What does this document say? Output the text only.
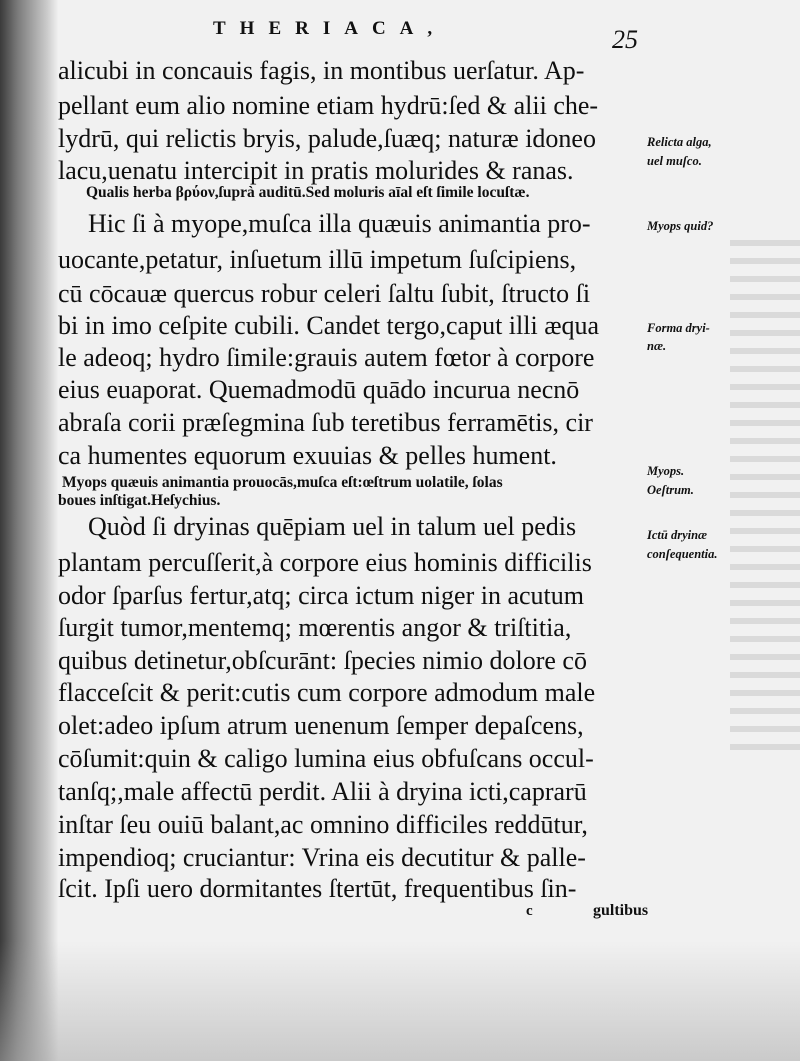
THERIACA,	25
alicubi in concauis fagis, in montibus uerſatur. Ap-
pellant eum alio nomine etiam hydrū:ſed & alii che-
lydrū, qui relictis bryis, palude,ſuæq; naturæ idoneo
lacu,uenatu intercipit in pratis molurides & ranas.
Qualis herba βρύον,ſuprà auditū.Sed moluris aīal eſt ſimile locuſtæ.
Hic ſi à myope,muſca illa quæuis animantia pro-
uocante,petatur, inſuetum illū impetum ſuſcipiens,
cū cōcauæ quercus robur celeri ſaltu ſubit, ſtructo ſi
bi in imo ceſpite cubili. Candet tergo,caput illi æqua
le adeoq; hydro ſimile:grauis autem fœtor à corpore
eius euaporat. Quemadmodū quādo incurua necnō
abraſa corii præſegmina ſub teretibus ferramētis, cir
ca humentes equorum exuuias & pelles hument.
Myops quæuis animantia prouocās,muſca eſt:œſtrum uolatile, ſolas
boues inſtigat.Heſychius.
Quòd ſi dryinas quēpiam uel in talum uel pedis
plantam percuſſerit,à corpore eius hominis difficilis
odor ſparſus fertur,atq; circa ictum niger in acutum
ſurgit tumor,mentemq; mœrentis angor & triſtitia,
quibus detinetur,obſcurānt: ſpecies nimio dolore cō
flacceſcit & perit:cutis cum corpore admodum male
olet:adeo ipſum atrum uenenum ſemper depaſcens,
cōſumit:quin & caligo lumina eius obfuſcans occul-
tanſq;,male affectū perdit. Alii à dryina icti,caprarū
inſtar ſeu ouiū balant,ac omnino difficiles reddūtur,
impendioq; cruciantur: Vrina eis decutitur & palle-
ſcit. Ipſi uero dormitantes ſtertūt, frequentibus ſin-
Relicta alga,
uel muſco.
Myops quid?
Forma dryi-
næ.
Myops.
Oeſtrum.
Ictū dryinæ
conſequentia.
c	gultibus
